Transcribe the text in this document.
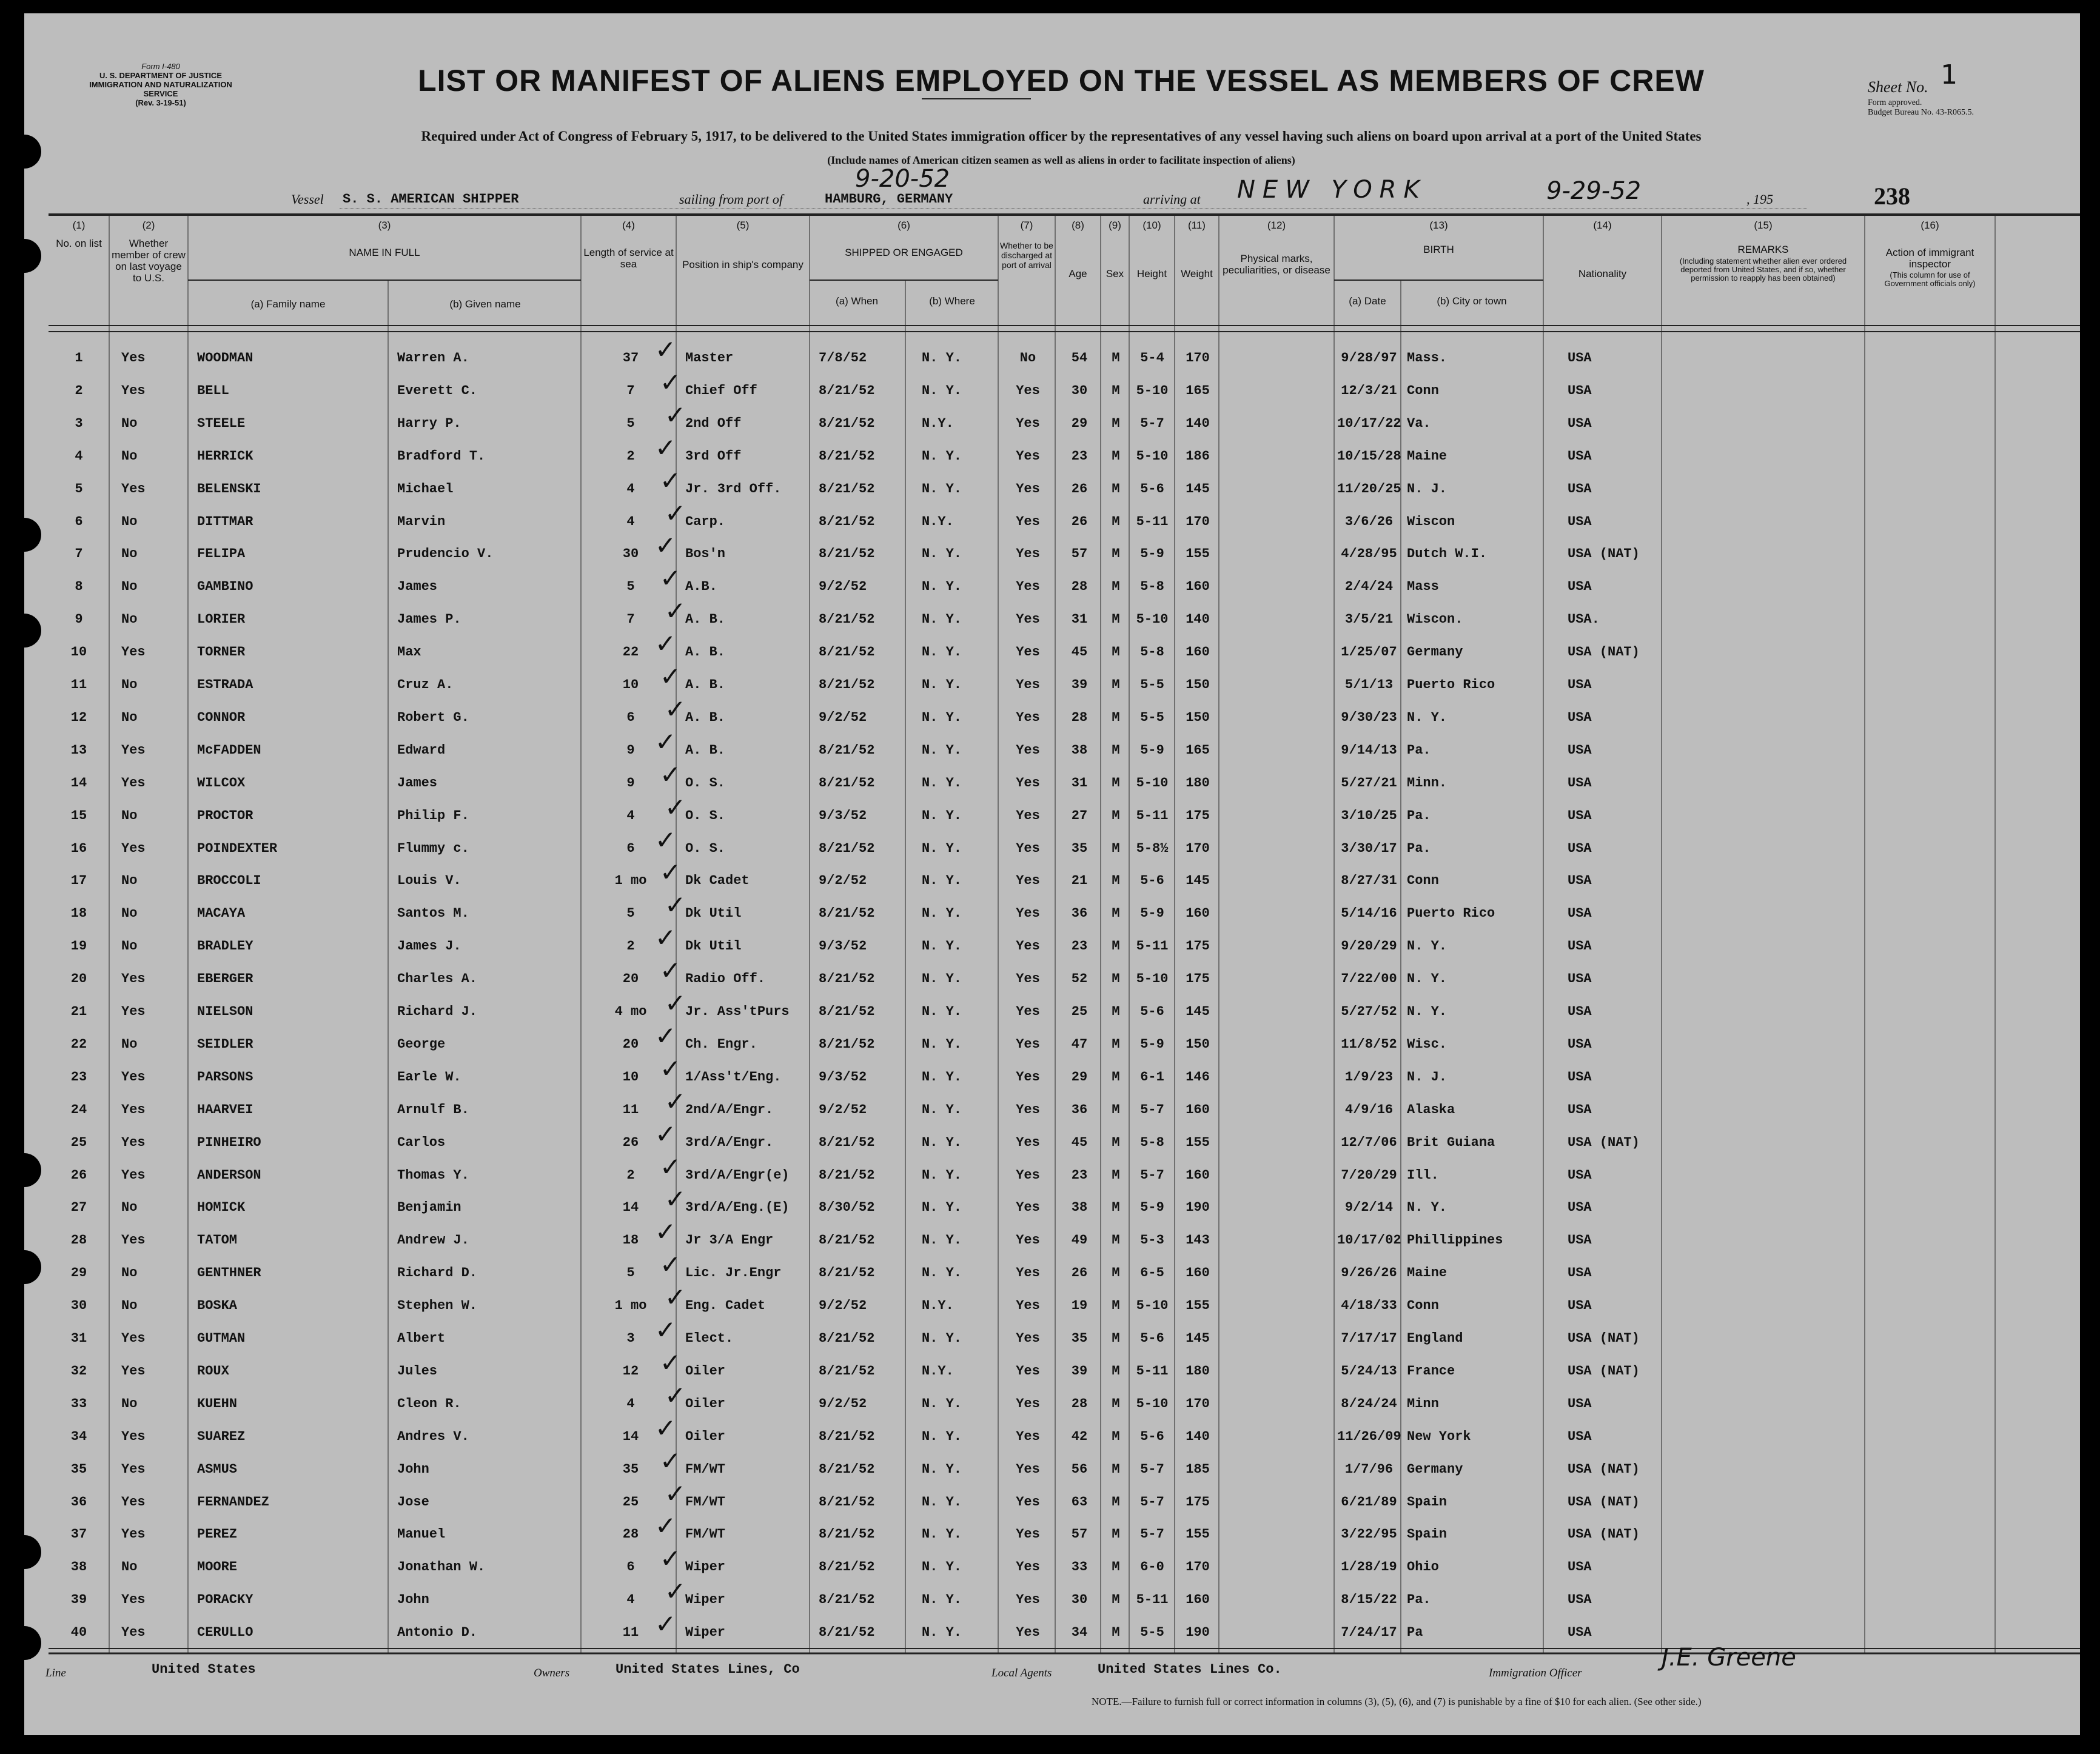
Form I-480
U. S. DEPARTMENT OF JUSTICE
IMMIGRATION AND NATURALIZATION SERVICE
(Rev. 3-19-51)
LIST OR MANIFEST OF ALIENS EMPLOYED ON THE VESSEL AS MEMBERS OF CREW	Sheet No. 1
Form approved.
Budget Bureau No. 43-R065.5.
Required under Act of Congress of February 5, 1917, to be delivered to the United States immigration officer by the representatives of any vessel having such aliens on board upon arrival at a port of the United States
(Include names of American citizen seamen as well as aliens in order to facilitate inspection of aliens)
Vessel S. S. AMERICAN SHIPPER	sailing from port of	HAMBURG, GERMANY
9-20-52
arriving at NEW YORK	9-29-52	, 195	238
(1)	(2)	(3)	(4)	(5)	(6)	(7)	(8)	(9)	(10)	(11)	(12)	(13)	(14)	(15)	(16)
No. on list	Whether member of crew on last voyage to U.S.
NAME IN FULL
(a) Family name	(b) Given name
Length of service at sea	Position in ship's company
SHIPPED OR ENGAGED
(a) When	(b) Where
Whether to be discharged at port of arrival
Age	Sex	Height	Weight
Physical marks, peculiarities, or disease
BIRTH
(a) Date	(b) City or town
Nationality
REMARKS
(Including statement whether alien ever ordered deported from United States, and if so, whether permission to reapply has been obtained)
Action of immigrant inspector
(This column for use of Government officials only)
1	Yes	WOODMAN	Warren A.	37	Master	7/8/52	N. Y.	No	54	M	5-4	170	9/28/97 Mass.	USA
✓
2	Yes	BELL	Everett C.	7	Chief Off	8/21/52	N. Y.	Yes	30	M	5-10	165	12/3/21 Conn	USA
✓
3	No	STEELE	Harry P.	5	2nd Off	8/21/52	N.Y.	Yes	29	M	5-7	140	10/17/22 Va.	USA
✓
4	No	HERRICK	Bradford T.	2	3rd Off	8/21/52	N. Y.	Yes	23	M	5-10	186	10/15/28 Maine	USA
✓
5	Yes	BELENSKI	Michael	4	Jr. 3rd Off.	8/21/52	N. Y.	Yes	26	M	5-6	145	11/20/25 N. J.	USA
✓
6	No	DITTMAR	Marvin	4	Carp.	8/21/52	N.Y.	Yes	26	M	5-11	170	3/6/26	Wiscon	USA
✓
7	No	FELIPA	Prudencio V.	30	Bos'n	8/21/52	N. Y.	Yes	57	M	5-9	155	4/28/95 Dutch W.I.	USA (NAT)
✓
8	No	GAMBINO	James	5	A.B.	9/2/52	N. Y.	Yes	28	M	5-8	160	2/4/24	Mass	USA
✓
9	No	LORIER	James P.	7	A. B.	8/21/52	N. Y.	Yes	31	M	5-10	140	3/5/21	Wiscon.	USA.
✓
10	Yes	TORNER	Max	22	A. B.	8/21/52	N. Y.	Yes	45	M	5-8	160	1/25/07 Germany	USA (NAT)
✓
11	No	ESTRADA	Cruz A.	10	A. B.	8/21/52	N. Y.	Yes	39	M	5-5	150	5/1/13	Puerto Rico	USA
✓
12	No	CONNOR	Robert G.	6	A. B.	9/2/52	N. Y.	Yes	28	M	5-5	150	9/30/23 N. Y.	USA
✓
13	Yes	McFADDEN	Edward	9	A. B.	8/21/52	N. Y.	Yes	38	M	5-9	165	9/14/13 Pa.	USA
✓
14	Yes	WILCOX	James	9	O. S.	8/21/52	N. Y.	Yes	31	M	5-10	180	5/27/21 Minn.	USA
✓
15	No	PROCTOR	Philip F.	4	O. S.	9/3/52	N. Y.	Yes	27	M	5-11	175	3/10/25 Pa.	USA
✓
16	Yes	POINDEXTER	Flummy c.	6	O. S.	8/21/52	N. Y.	Yes	35	M	5-8½	170	3/30/17 Pa.	USA
✓
17	No	BROCCOLI	Louis V.	1 mo	Dk Cadet	9/2/52	N. Y.	Yes	21	M	5-6	145	8/27/31 Conn	USA
✓
18	No	MACAYA	Santos M.	5	Dk Util	8/21/52	N. Y.	Yes	36	M	5-9	160	5/14/16 Puerto Rico	USA
✓
19	No	BRADLEY	James J.	2	Dk Util	9/3/52	N. Y.	Yes	23	M	5-11	175	9/20/29 N. Y.	USA
✓
20	Yes	EBERGER	Charles A.	20	Radio Off.	8/21/52	N. Y.	Yes	52	M	5-10	175	7/22/00 N. Y.	USA
✓
21	Yes	NIELSON	Richard J.	4 mo	Jr. Ass'tPurs	8/21/52	N. Y.	Yes	25	M	5-6	145	5/27/52 N. Y.	USA
✓
22	No	SEIDLER	George	20	Ch. Engr.	8/21/52	N. Y.	Yes	47	M	5-9	150	11/8/52 Wisc.	USA
✓
23	Yes	PARSONS	Earle W.	10	1/Ass't/Eng.	9/3/52	N. Y.	Yes	29	M	6-1	146	1/9/23	N. J.	USA
✓
24	Yes	HAARVEI	Arnulf B.	11	2nd/A/Engr.	9/2/52	N. Y.	Yes	36	M	5-7	160	4/9/16	Alaska	USA
✓
25	Yes	PINHEIRO	Carlos	26	3rd/A/Engr.	8/21/52	N. Y.	Yes	45	M	5-8	155	12/7/06 Brit Guiana	USA (NAT)
✓
26	Yes	ANDERSON	Thomas Y.	2	3rd/A/Engr(e)	8/21/52	N. Y.	Yes	23	M	5-7	160	7/20/29 Ill.	USA
✓
27	No	HOMICK	Benjamin	14	3rd/A/Eng.(E)	8/30/52	N. Y.	Yes	38	M	5-9	190	9/2/14	N. Y.	USA
✓
28	Yes	TATOM	Andrew J.	18	Jr 3/A Engr	8/21/52	N. Y.	Yes	49	M	5-3	143	10/17/02 Phillippines	USA
✓
29	No	GENTHNER	Richard D.	5	Lic. Jr.Engr	8/21/52	N. Y.	Yes	26	M	6-5	160	9/26/26 Maine	USA
✓
30	No	BOSKA	Stephen W.	1 mo	Eng. Cadet	9/2/52	N.Y.	Yes	19	M	5-10	155	4/18/33 Conn	USA
✓
31	Yes	GUTMAN	Albert	3	Elect.	8/21/52	N. Y.	Yes	35	M	5-6	145	7/17/17 England	USA (NAT)
✓
32	Yes	ROUX	Jules	12	Oiler	8/21/52	N.Y.	Yes	39	M	5-11	180	5/24/13 France	USA (NAT)
✓
33	No	KUEHN	Cleon R.	4	Oiler	9/2/52	N. Y.	Yes	28	M	5-10	170	8/24/24 Minn	USA
✓
34	Yes	SUAREZ	Andres V.	14	Oiler	8/21/52	N. Y.	Yes	42	M	5-6	140	11/26/09 New York	USA
✓
35	Yes	ASMUS	John	35	FM/WT	8/21/52	N. Y.	Yes	56	M	5-7	185	1/7/96	Germany	USA (NAT)
✓
36	Yes	FERNANDEZ	Jose	25	FM/WT	8/21/52	N. Y.	Yes	63	M	5-7	175	6/21/89 Spain	USA (NAT)
✓
37	Yes	PEREZ	Manuel	28	FM/WT	8/21/52	N. Y.	Yes	57	M	5-7	155	3/22/95 Spain	USA (NAT)
✓
38	No	MOORE	Jonathan W.	6	Wiper	8/21/52	N. Y.	Yes	33	M	6-0	170	1/28/19 Ohio	USA
✓
39	Yes	PORACKY	John	4	Wiper	8/21/52	N. Y.	Yes	30	M	5-11	160	8/15/22 Pa.	USA
✓
40	Yes	CERULLO	Antonio D.	11	Wiper	8/21/52	N. Y.	Yes	34	M	5-5	190	7/24/17 Pa	USA
✓
Line	United States	Owners	United States Lines, Co	Local Agents	United States Lines Co.	Immigration Officer
J.E. Greene
NOTE.—Failure to furnish full or correct information in columns (3), (5), (6), and (7) is punishable by a fine of $10 for each alien. (See other side.)
